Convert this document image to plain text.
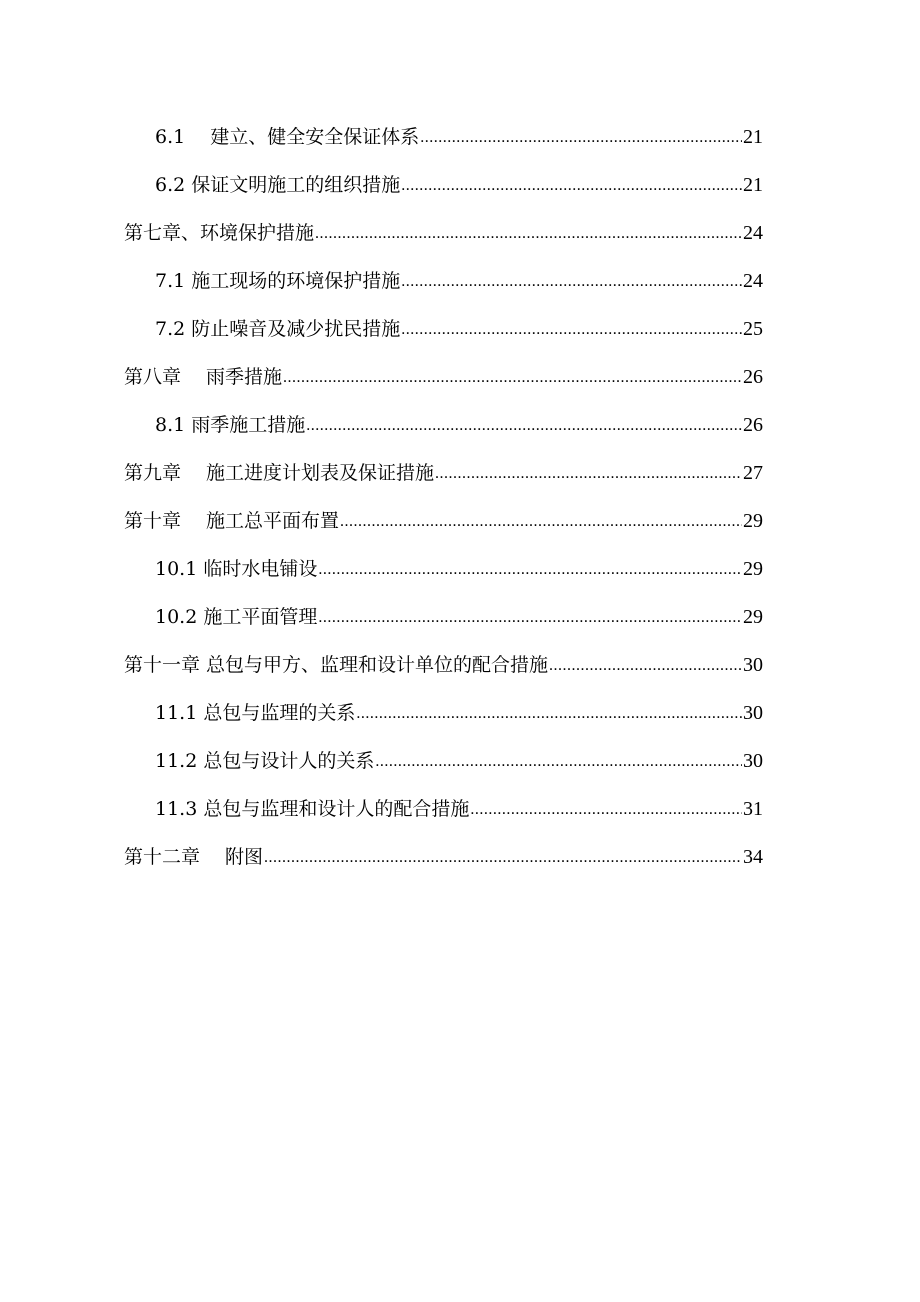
6.1　 建立、健全安全保证体系 .....	21
6.2 保证文明施工的组织措施 .....	21
第七章、环境保护措施 .....	24
7.1 施工现场的环境保护措施 .....	24
7.2 防止噪音及减少扰民措施 .....	25
第八章　 雨季措施 .....	26
8.1 雨季施工措施 .....	26
第九章　 施工进度计划表及保证措施 .....	27
第十章　 施工总平面布置 .....	29
10.1 临时水电铺设 .....	29
10.2 施工平面管理 .....	29
第十一章 总包与甲方、监理和设计单位的配合措施 .....	30
11.1 总包与监理的关系 .....	30
11.2 总包与设计人的关系 .....	30
11.3 总包与监理和设计人的配合措施 .....	31
第十二章　 附图 .....	34
